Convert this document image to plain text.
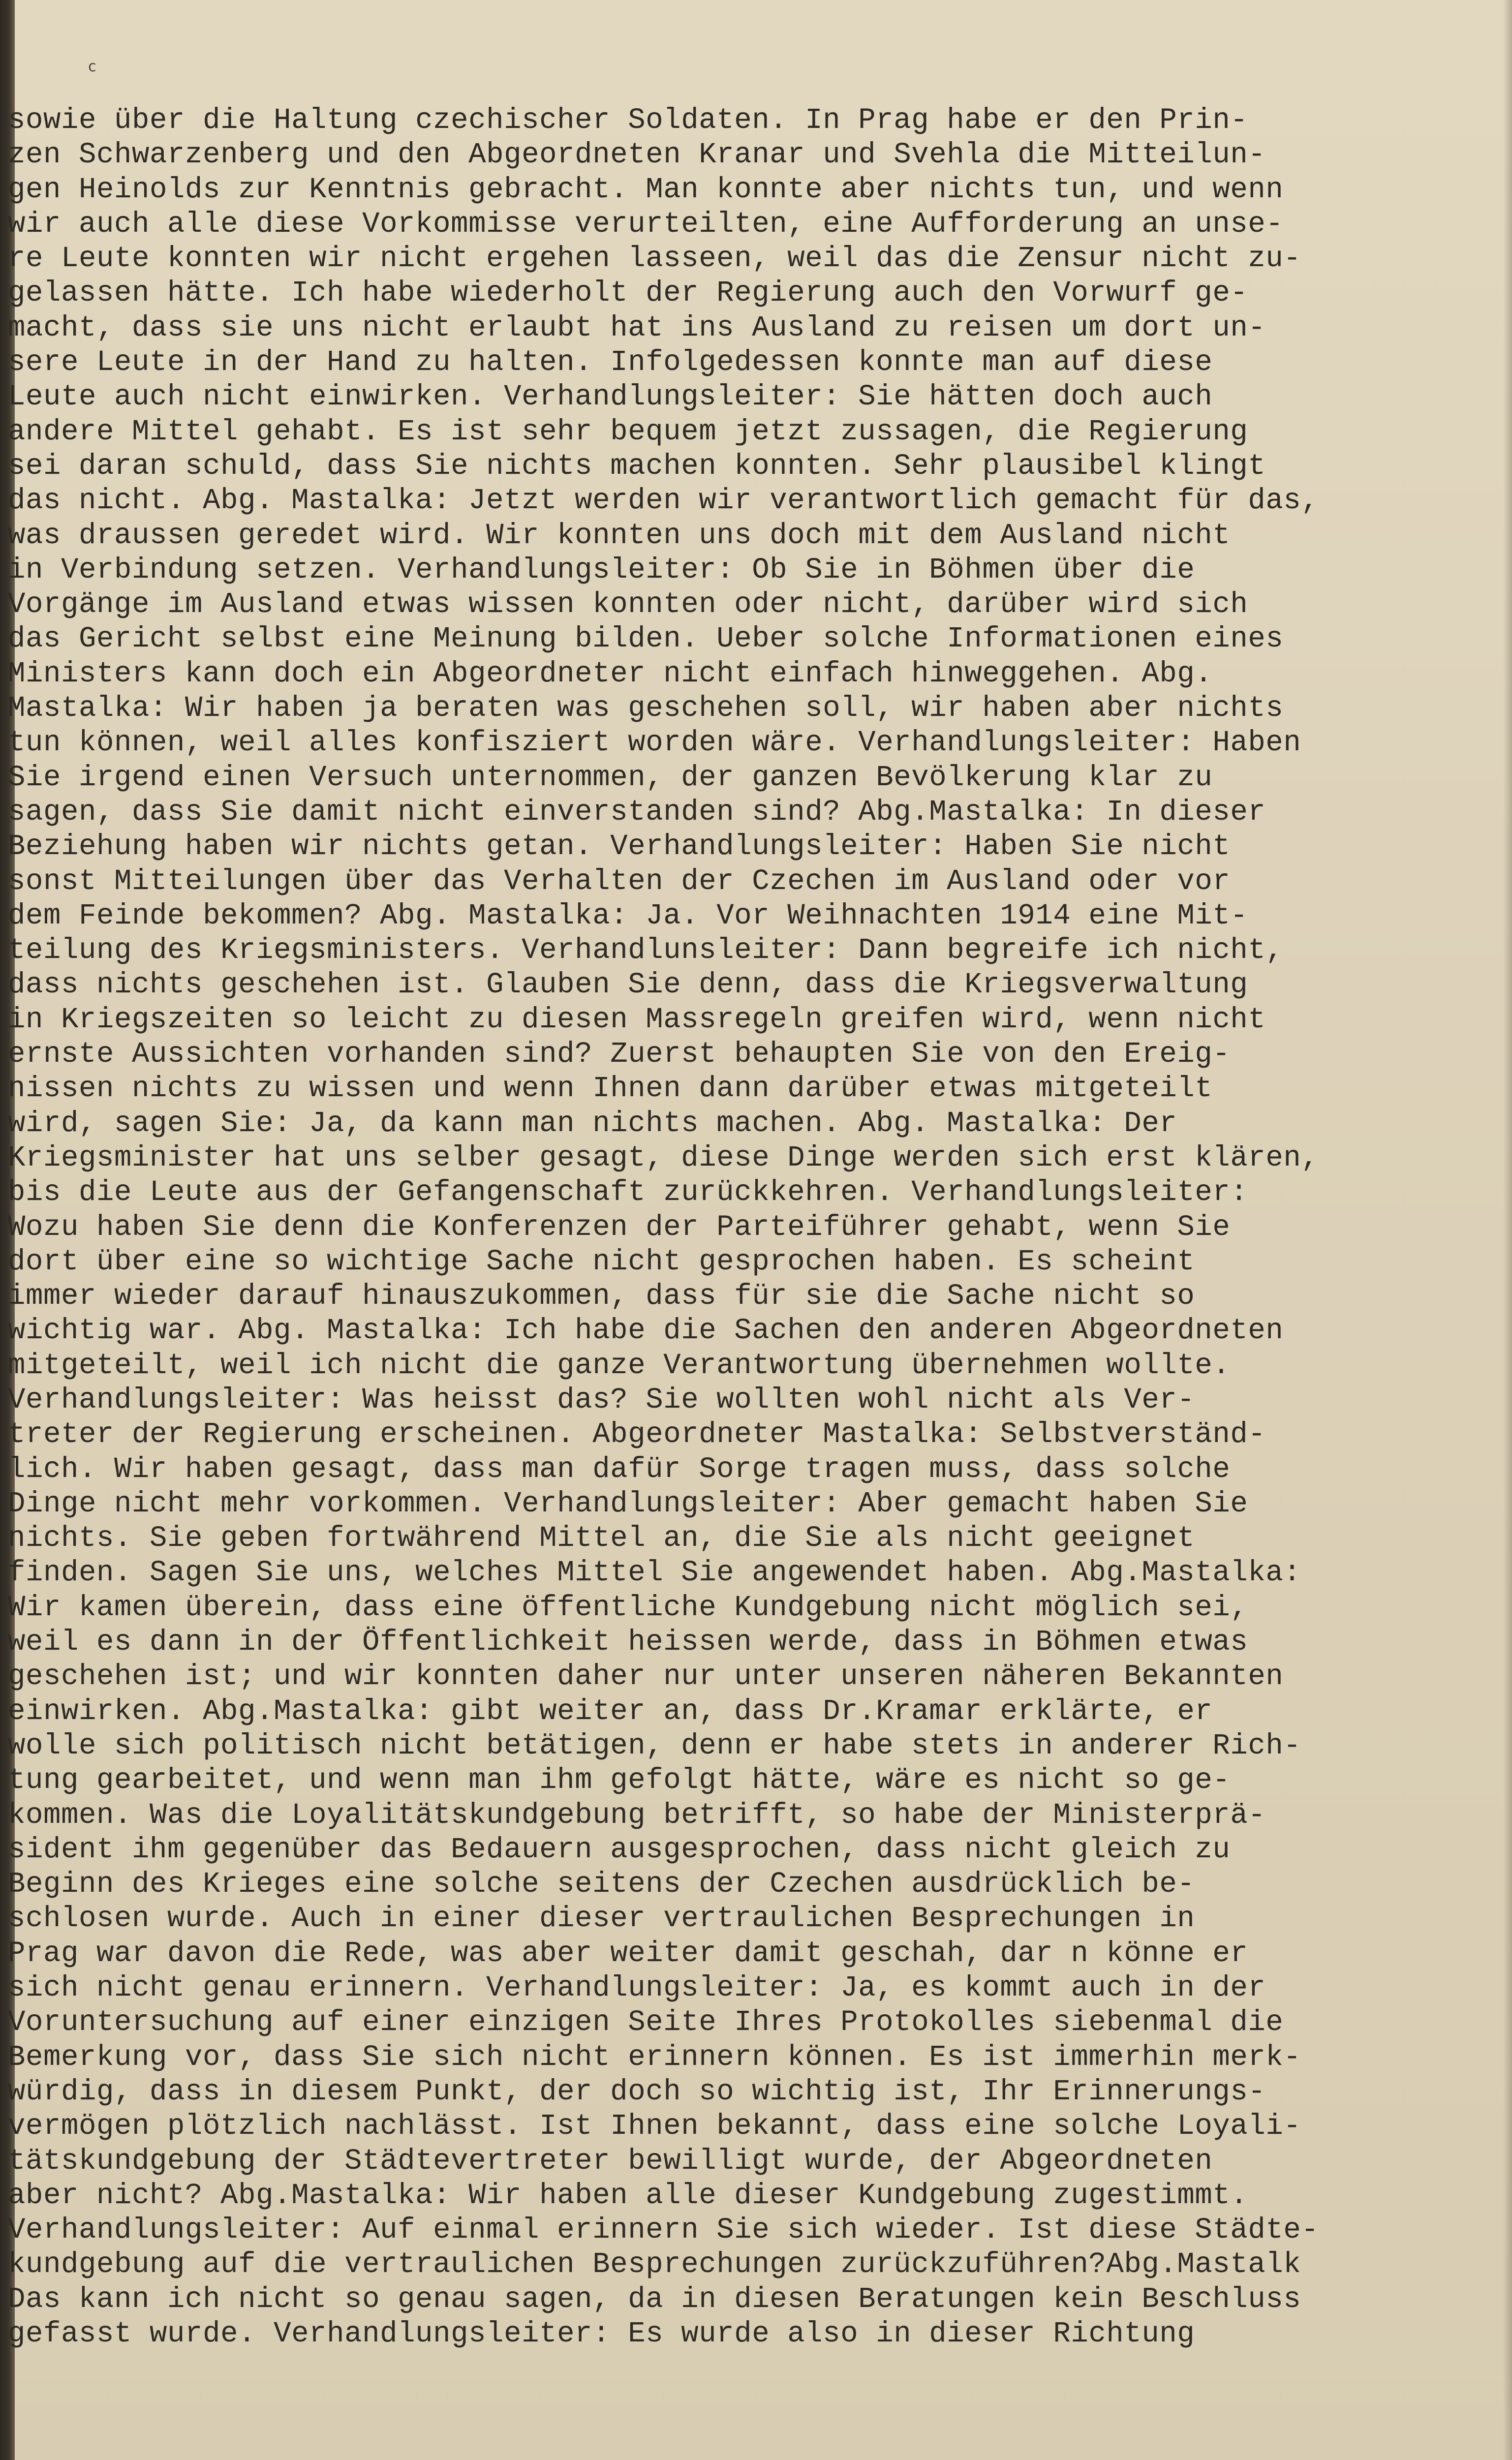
c
sowie über die Haltung czechischer Soldaten. In Prag habe er den Prin-
zen Schwarzenberg und den Abgeordneten Kranar und Svehla die Mitteilun-
gen Heinolds zur Kenntnis gebracht. Man konnte aber nichts tun, und wenn
wir auch alle diese Vorkommisse verurteilten, eine Aufforderung an unse-
re Leute konnten wir nicht ergehen lasseen, weil das die Zensur nicht zu-
gelassen hätte. Ich habe wiederholt der Regierung auch den Vorwurf ge-
macht, dass sie uns nicht erlaubt hat ins Ausland zu reisen um dort un-
sere Leute in der Hand zu halten. Infolgedessen konnte man auf diese
Leute auch nicht einwirken. Verhandlungsleiter: Sie hätten doch auch
andere Mittel gehabt. Es ist sehr bequem jetzt zussagen, die Regierung
sei daran schuld, dass Sie nichts machen konnten. Sehr plausibel klingt
das nicht. Abg. Mastalka: Jetzt werden wir verantwortlich gemacht für das,
was draussen geredet wird. Wir konnten uns doch mit dem Ausland nicht
in Verbindung setzen. Verhandlungsleiter: Ob Sie in Böhmen über die
Vorgänge im Ausland etwas wissen konnten oder nicht, darüber wird sich
das Gericht selbst eine Meinung bilden. Ueber solche Informationen eines
Ministers kann doch ein Abgeordneter nicht einfach hinweggehen. Abg.
Mastalka: Wir haben ja beraten was geschehen soll, wir haben aber nichts
tun können, weil alles konfisziert worden wäre. Verhandlungsleiter: Haben
Sie irgend einen Versuch unternommen, der ganzen Bevölkerung klar zu
sagen, dass Sie damit nicht einverstanden sind? Abg.Mastalka: In dieser
Beziehung haben wir nichts getan. Verhandlungsleiter: Haben Sie nicht
sonst Mitteilungen über das Verhalten der Czechen im Ausland oder vor
dem Feinde bekommen? Abg. Mastalka: Ja. Vor Weihnachten 1914 eine Mit-
teilung des Kriegsministers. Verhandlunsleiter: Dann begreife ich nicht,
dass nichts geschehen ist. Glauben Sie denn, dass die Kriegsverwaltung
in Kriegszeiten so leicht zu diesen Massregeln greifen wird, wenn nicht
ernste Aussichten vorhanden sind? Zuerst behaupten Sie von den Ereig-
nissen nichts zu wissen und wenn Ihnen dann darüber etwas mitgeteilt
wird, sagen Sie: Ja, da kann man nichts machen. Abg. Mastalka: Der
Kriegsminister hat uns selber gesagt, diese Dinge werden sich erst klären,
bis die Leute aus der Gefangenschaft zurückkehren. Verhandlungsleiter:
Wozu haben Sie denn die Konferenzen der Parteiführer gehabt, wenn Sie
dort über eine so wichtige Sache nicht gesprochen haben. Es scheint
immer wieder darauf hinauszukommen, dass für sie die Sache nicht so
wichtig war. Abg. Mastalka: Ich habe die Sachen den anderen Abgeordneten
mitgeteilt, weil ich nicht die ganze Verantwortung übernehmen wollte.
Verhandlungsleiter: Was heisst das? Sie wollten wohl nicht als Ver-
treter der Regierung erscheinen. Abgeordneter Mastalka: Selbstverständ-
lich. Wir haben gesagt, dass man dafür Sorge tragen muss, dass solche
Dinge nicht mehr vorkommen. Verhandlungsleiter: Aber gemacht haben Sie
nichts. Sie geben fortwährend Mittel an, die Sie als nicht geeignet
finden. Sagen Sie uns, welches Mittel Sie angewendet haben. Abg.Mastalka:
Wir kamen überein, dass eine öffentliche Kundgebung nicht möglich sei,
weil es dann in der Öffentlichkeit heissen werde, dass in Böhmen etwas
geschehen ist; und wir konnten daher nur unter unseren näheren Bekannten
einwirken. Abg.Mastalka: gibt weiter an, dass Dr.Kramar erklärte, er
wolle sich politisch nicht betätigen, denn er habe stets in anderer Rich-
tung gearbeitet, und wenn man ihm gefolgt hätte, wäre es nicht so ge-
kommen. Was die Loyalitätskundgebung betrifft, so habe der Ministerprä-
sident ihm gegenüber das Bedauern ausgesprochen, dass nicht gleich zu
Beginn des Krieges eine solche seitens der Czechen ausdrücklich be-
schlosen wurde. Auch in einer dieser vertraulichen Besprechungen in
Prag war davon die Rede, was aber weiter damit geschah, dar n könne er
sich nicht genau erinnern. Verhandlungsleiter: Ja, es kommt auch in der
Voruntersuchung auf einer einzigen Seite Ihres Protokolles siebenmal die
Bemerkung vor, dass Sie sich nicht erinnern können. Es ist immerhin merk-
würdig, dass in diesem Punkt, der doch so wichtig ist, Ihr Erinnerungs-
vermögen plötzlich nachlässt. Ist Ihnen bekannt, dass eine solche Loyali-
tätskundgebung der Städtevertreter bewilligt wurde, der Abgeordneten
aber nicht? Abg.Mastalka: Wir haben alle dieser Kundgebung zugestimmt.
Verhandlungsleiter: Auf einmal erinnern Sie sich wieder. Ist diese Städte-
kundgebung auf die vertraulichen Besprechungen zurückzuführen?Abg.Mastalk
Das kann ich nicht so genau sagen, da in diesen Beratungen kein Beschluss
gefasst wurde. Verhandlungsleiter: Es wurde also in dieser Richtung
